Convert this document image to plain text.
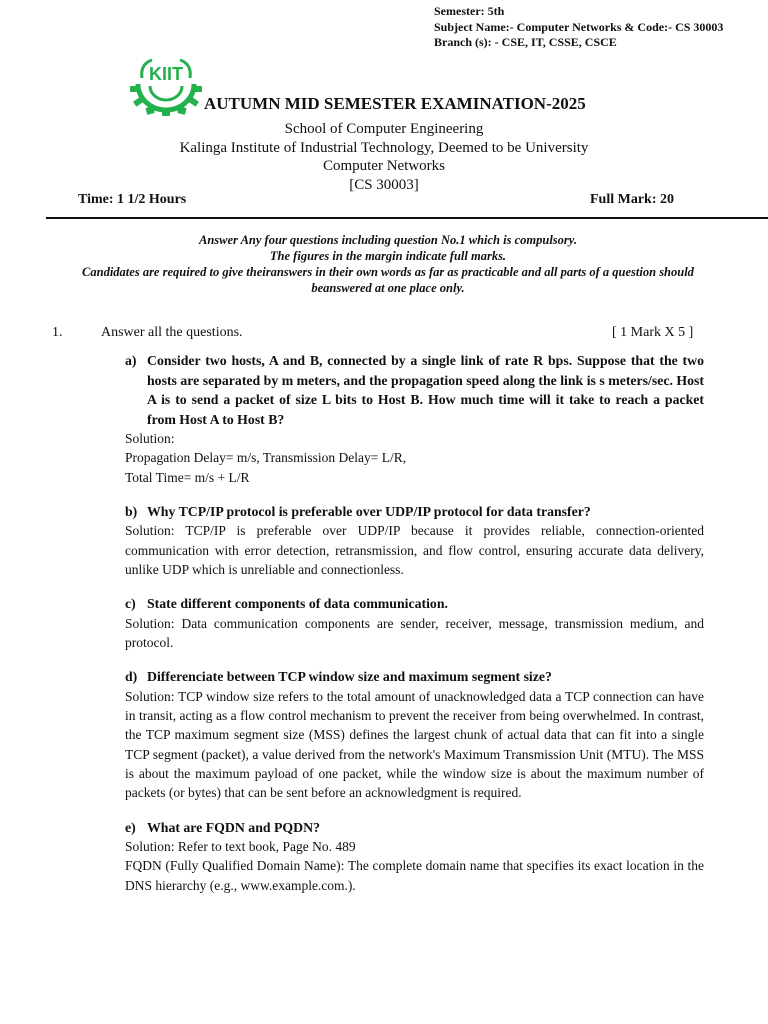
Semester: 5th
Subject Name:- Computer Networks & Code:- CS 30003
Branch (s): - CSE, IT, CSSE, CSCE
KIIT
AUTUMN MID SEMESTER EXAMINATION-2025
School of Computer Engineering
Kalinga Institute of Industrial Technology, Deemed to be University
Computer Networks
[CS 30003]
Time: 1 1/2 Hours	Full Mark: 20
Answer Any four questions including question No.1 which is compulsory.
The figures in the margin indicate full marks.
Candidates are required to give theiranswers in their own words as far as practicable and all parts of a question should beanswered at one place only.
1.	Answer all the questions.	[ 1 Mark X 5 ]
a) Consider two hosts, A and B, connected by a single link of rate R bps. Suppose that the two hosts are separated by m meters, and the propagation speed along the link is s meters/sec. Host A is to send a packet of size L bits to Host B. How much time will it take to reach a packet from Host A to Host B?

Solution:

Propagation Delay= m/s, Transmission Delay= L/R,

Total Time= m/s + L/R

b) Why TCP/IP protocol is preferable over UDP/IP protocol for data transfer?

Solution: TCP/IP is preferable over UDP/IP because it provides reliable, connection-oriented communication with error detection, retransmission, and flow control, ensuring accurate data delivery, unlike UDP which is unreliable and connectionless.

c) State different components of data communication.

Solution: Data communication components are sender, receiver, message, transmission medium, and protocol.

d) Differenciate between TCP window size and maximum segment size?

Solution: TCP window size refers to the total amount of unacknowledged data a TCP connection can have in transit, acting as a flow control mechanism to prevent the receiver from being overwhelmed. In contrast, the TCP maximum segment size (MSS) defines the largest chunk of actual data that can fit into a single TCP segment (packet), a value derived from the network's Maximum Transmission Unit (MTU). The MSS is about the maximum payload of one packet, while the window size is about the maximum number of packets (or bytes) that can be sent before an acknowledgment is required.

e) What are FQDN and PQDN?

Solution: Refer to text book, Page No. 489

FQDN (Fully Qualified Domain Name): The complete domain name that specifies its exact location in the DNS hierarchy (e.g., www.example.com.).
